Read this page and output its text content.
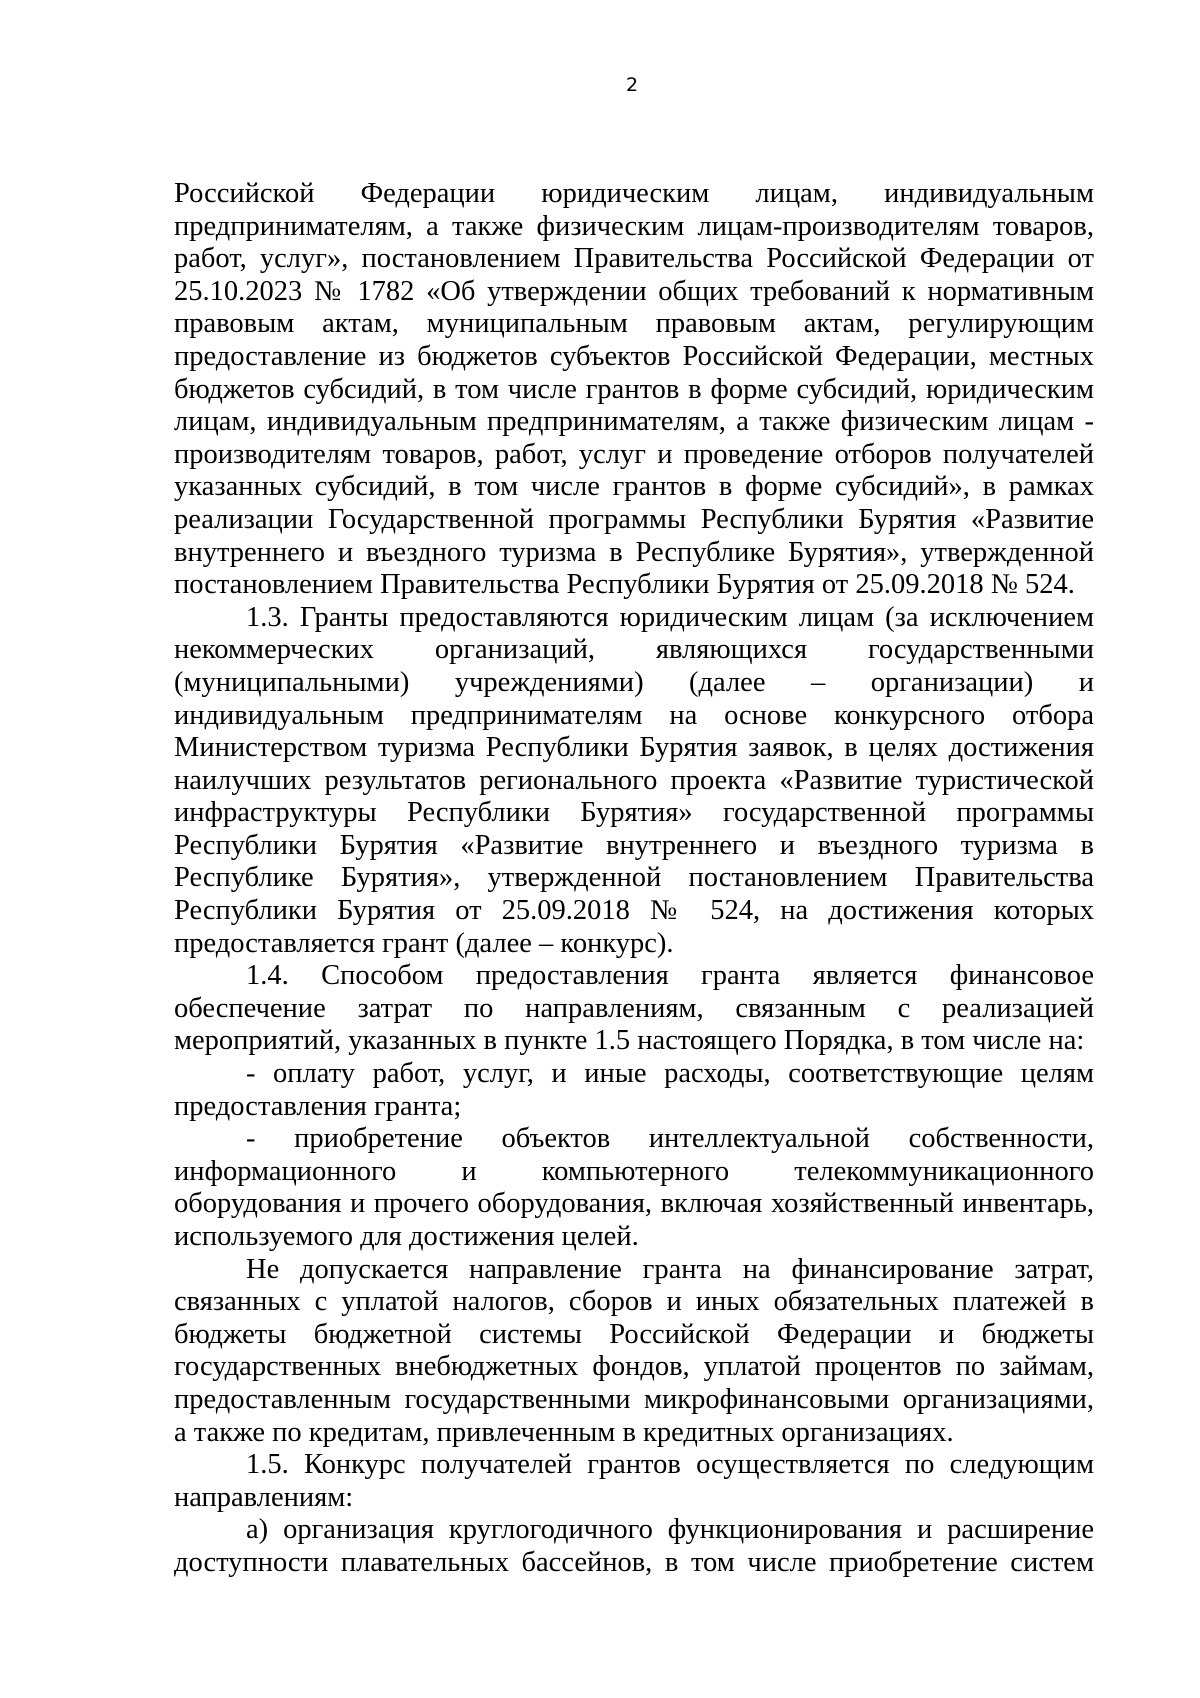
2

Российской Федерации юридическим лицам, индивидуальным предпринимателям, а также физическим лицам-производителям товаров, работ, услуг», постановлением Правительства Российской Федерации от 25.10.2023 № 1782 «Об утверждении общих требований к нормативным правовым актам, муниципальным правовым актам, регулирующим предоставление из бюджетов субъектов Российской Федерации, местных бюджетов субсидий, в том числе грантов в форме субсидий, юридическим лицам, индивидуальным предпринимателям, а также физическим лицам - производителям товаров, работ, услуг и проведение отборов получателей указанных субсидий, в том числе грантов в форме субсидий», в рамках реализации Государственной программы Республики Бурятия «Развитие внутреннего и въездного туризма в Республике Бурятия», утвержденной постановлением Правительства Республики Бурятия от 25.09.2018 № 524.

1.3. Гранты предоставляются юридическим лицам (за исключением некоммерческих организаций, являющихся государственными (муниципальными) учреждениями) (далее – организации) и индивидуальным предпринимателям на основе конкурсного отбора Министерством туризма Республики Бурятия заявок, в целях достижения наилучших результатов регионального проекта «Развитие туристической инфраструктуры Республики Бурятия» государственной программы Республики Бурятия «Развитие внутреннего и въездного туризма в Республике Бурятия», утвержденной постановлением Правительства Республики Бурятия от 25.09.2018 № 524, на достижения которых предоставляется грант (далее – конкурс).

1.4. Способом предоставления гранта является финансовое обеспечение затрат по направлениям, связанным с реализацией мероприятий, указанных в пункте 1.5 настоящего Порядка, в том числе на:

- оплату работ, услуг, и иные расходы, соответствующие целям предоставления гранта;

- приобретение объектов интеллектуальной собственности, информационного и компьютерного телекоммуникационного оборудования и прочего оборудования, включая хозяйственный инвентарь, используемого для достижения целей.

Не допускается направление гранта на финансирование затрат, связанных с уплатой налогов, сборов и иных обязательных платежей в бюджеты бюджетной системы Российской Федерации и бюджеты государственных внебюджетных фондов, уплатой процентов по займам, предоставленным государственными микрофинансовыми организациями, а также по кредитам, привлеченным в кредитных организациях.

1.5. Конкурс получателей грантов осуществляется по следующим направлениям:

а) организация круглогодичного функционирования и расширение доступности плавательных бассейнов, в том числе приобретение систем
